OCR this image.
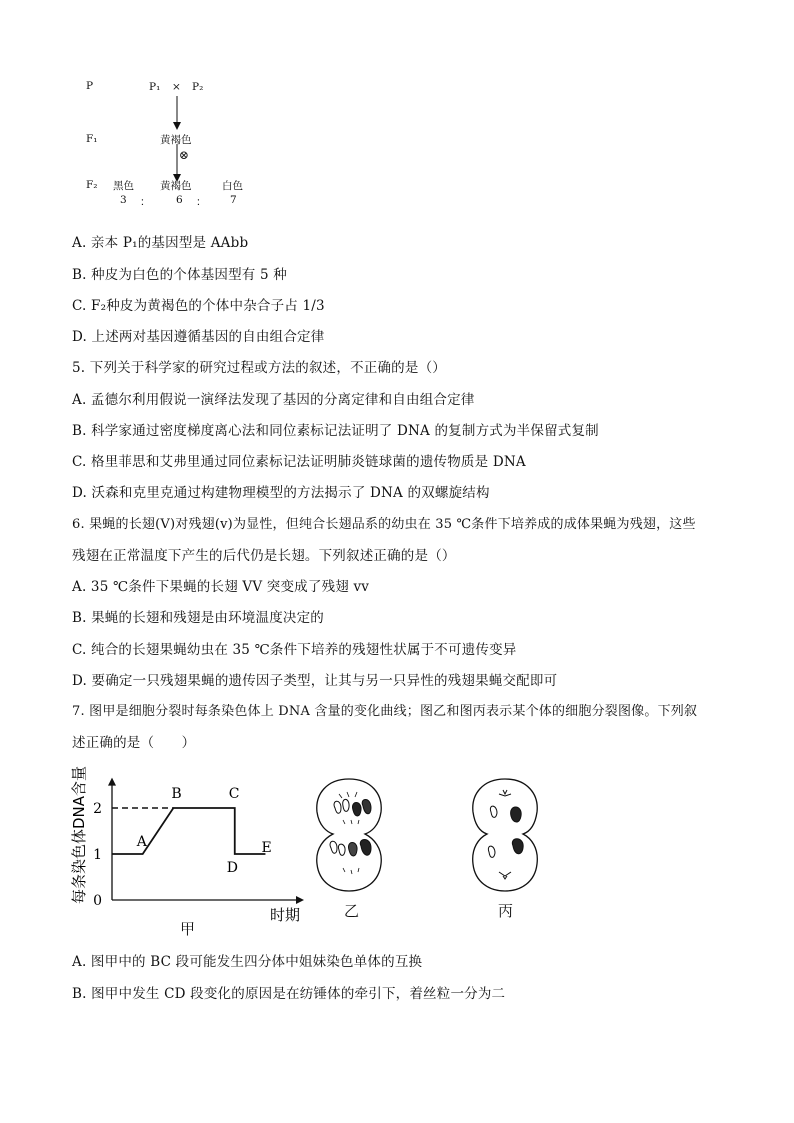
P	P₁ × P₂
F₁	黄褐色
⊗
F₂ 黑色 黄褐色	白色
3 ： 6 ： 7
A. 亲本 P₁的基因型是 AAbb
B. 种皮为白色的个体基因型有 5 种
C. F₂种皮为黄褐色的个体中杂合子占 1/3
D. 上述两对基因遵循基因的自由组合定律
5. 下列关于科学家的研究过程或方法的叙述，不正确的是（）
A. 孟德尔利用假说一演绎法发现了基因的分离定律和自由组合定律
B. 科学家通过密度梯度离心法和同位素标记法证明了 DNA 的复制方式为半保留式复制
C. 格里菲思和艾弗里通过同位素标记法证明肺炎链球菌的遗传物质是 DNA
D. 沃森和克里克通过构建物理模型的方法揭示了 DNA 的双螺旋结构
6. 果蝇的长翅(V)对残翅(v)为显性，但纯合长翅品系的幼虫在 35 ℃条件下培养成的成体果蝇为残翅，这些
残翅在正常温度下产生的后代仍是长翅。下列叙述正确的是（）
A. 35 ℃条件下果蝇的长翅 VV 突变成了残翅 vv
B. 果蝇的长翅和残翅是由环境温度决定的
C. 纯合的长翅果蝇幼虫在 35 ℃条件下培养的残翅性状属于不可遗传变异
D. 要确定一只残翅果蝇的遗传因子类型，让其与另一只异性的残翅果蝇交配即可
7. 图甲是细胞分裂时每条染色体上 DNA 含量的变化曲线；图乙和图丙表示某个体的细胞分裂图像。下列叙
述正确的是（　　）
0
1
2
A
B	C
D
E
每条染色体DNA含量
时期
甲
乙	丙
A. 图甲中的 BC 段可能发生四分体中姐妹染色单体的互换
B. 图甲中发生 CD 段变化的原因是在纺锤体的牵引下，着丝粒一分为二
